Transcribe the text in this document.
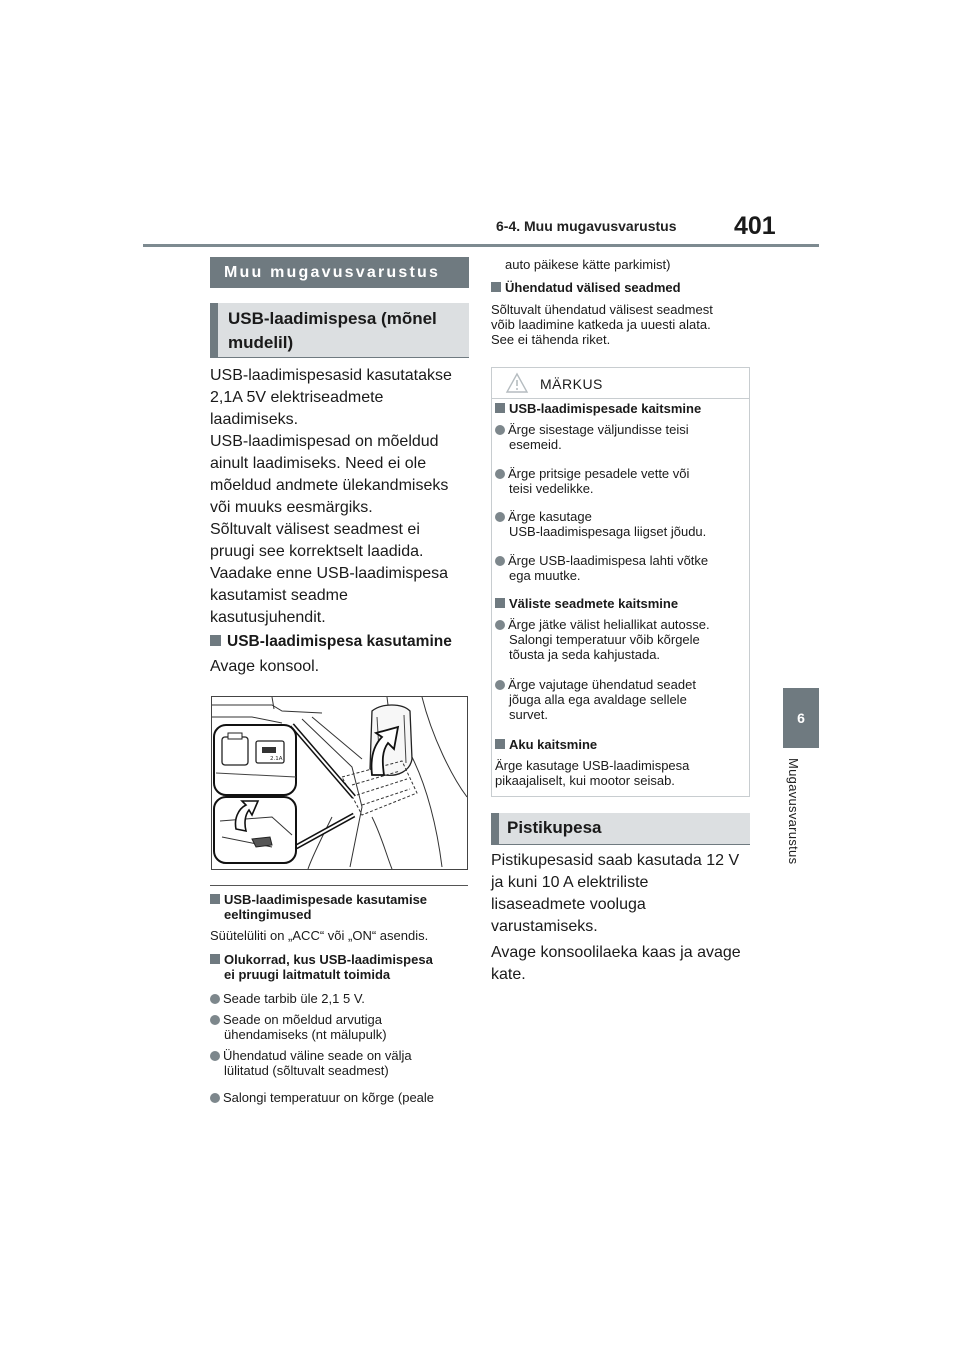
6-4. Muu mugavusvarustus 401
6
Mugavusvarustus
Muu mugavusvarustus
USB-laadimispesa (mõnel
mudelil)
USB-laadimispesasid kasutatakse
2,1A 5V elektriseadmete
laadimiseks.
USB-laadimispesad on mõeldud
ainult laadimiseks. Need ei ole
mõeldud andmete ülekandmiseks
või muuks eesmärgiks.
Sõltuvalt välisest seadmest ei
pruugi see korrektselt laadida.
Vaadake enne USB-laadimispesa
kasutamist seadme
kasutusjuhendit.
USB-laadimispesa kasutamine
Avage konsool.
2.1A
USB-laadimispesade kasutamise
eeltingimused
Süütelüliti on „ACC“ või „ON“ asendis.
Olukorrad, kus USB-laadimispesa
ei pruugi laitmatult toimida
Seade tarbib üle 2,1 5 V.
Seade on mõeldud arvutiga
ühendamiseks (nt mälupulk)
Ühendatud väline seade on välja
lülitatud (sõltuvalt seadmest)
Salongi temperatuur on kõrge (peale
auto päikese kätte parkimist)
Ühendatud välised seadmed
Sõltuvalt ühendatud välisest seadmest
võib laadimine katkeda ja uuesti alata.
See ei tähenda riket.
MÄRKUS
USB-laadimispesade kaitsmine
Ärge sisestage väljundisse teisi
esemeid.
Ärge pritsige pesadele vette või
teisi vedelikke.
Ärge kasutage
USB-laadimispesaga liigset jõudu.
Ärge USB-laadimispesa lahti võtke
ega muutke.
Väliste seadmete kaitsmine
Ärge jätke välist heliallikat autosse.
Salongi temperatuur võib kõrgele
tõusta ja seda kahjustada.
Ärge vajutage ühendatud seadet
jõuga alla ega avaldage sellele
survet.
Aku kaitsmine
Ärge kasutage USB-laadimispesa
pikaajaliselt, kui mootor seisab.
Pistikupesa
Pistikupesasid saab kasutada 12 V
ja kuni 10 A elektriliste
lisaseadmete vooluga
varustamiseks.
Avage konsoolilaeka kaas ja avage
kate.
